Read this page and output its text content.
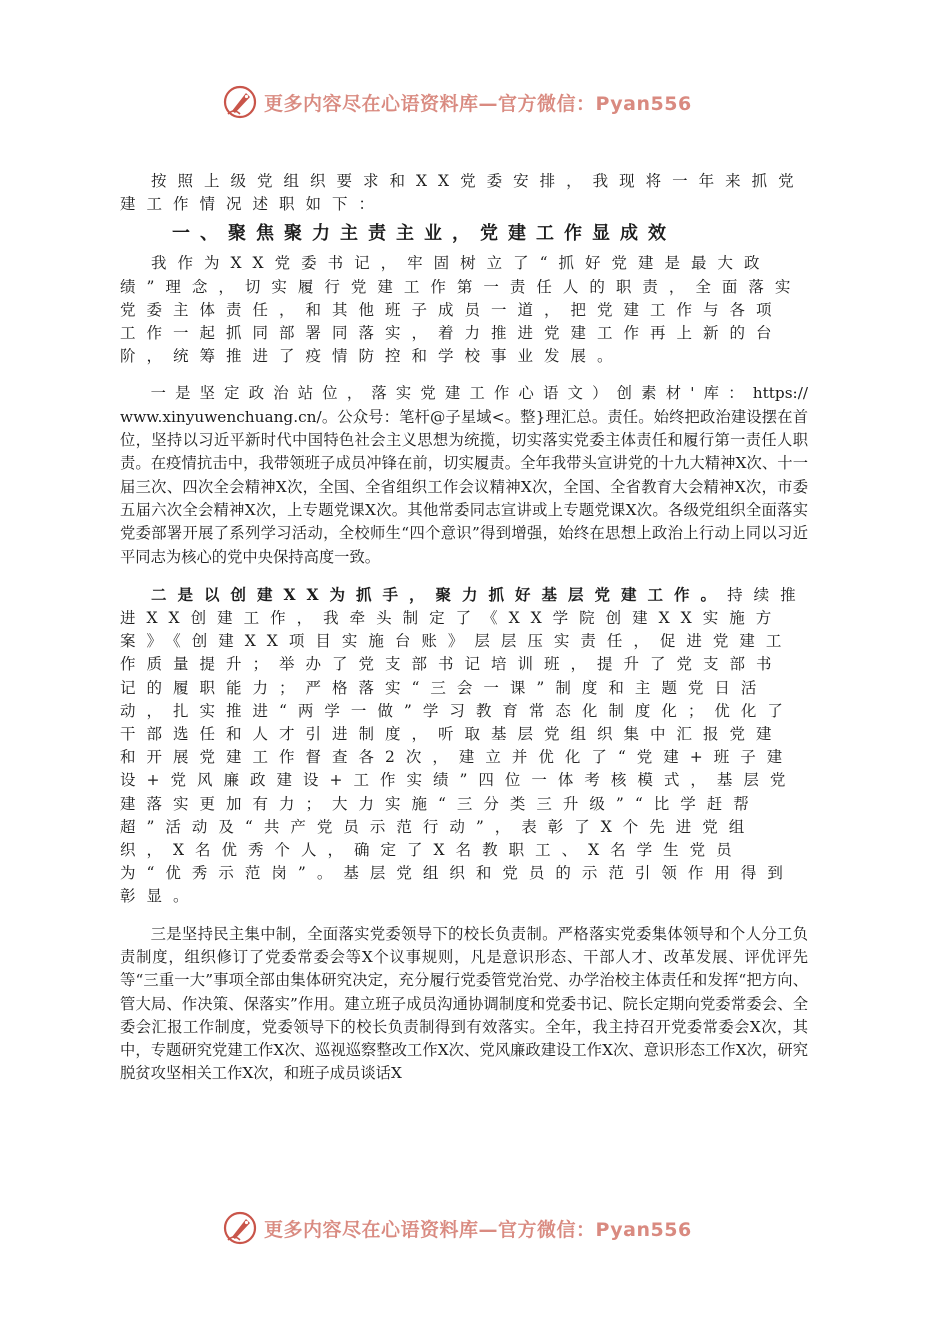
更多内容尽在心语资料库—官方微信：Pyan556

按照上级党组织要求和XX党委安排，我现将一年来抓党建工作情况述职如下：

一、聚焦聚力主责主业，党建工作显成效

我作为XX党委书记，牢固树立了“抓好党建是最大政绩”理念，切实履行党建工作第一责任人的职责，全面落实党委主体责任，和其他班子成员一道，把党建工作与各项工作一起抓同部署同落实，着力推进党建工作再上新的台阶，统筹推进了疫情防控和学校事业发展。

一是坚定政治站位，落实党建工作心语文）创素材'库：https://www.xinyuwenchuang.cn/。公众号：笔杆@子星域<。整}理汇总。责任。始终把政治建设摆在首位，坚持以习近平新时代中国特色社会主义思想为统揽，切实落实党委主体责任和履行第一责任人职责。在疫情抗击中，我带领班子成员冲锋在前，切实履责。全年我带头宣讲党的十九大精神X次、十一届三次、四次全会精神X次，全国、全省组织工作会议精神X次，全国、全省教育大会精神X次，市委五届六次全会精神X次，上专题党课X次。其他常委同志宣讲或上专题党课X次。各级党组织全面落实党委部署开展了系列学习活动，全校师生“四个意识”得到增强，始终在思想上政治上行动上同以习近平同志为核心的党中央保持高度一致。

二是以创建XX为抓手，聚力抓好基层党建工作。持续推进XX创建工作，我牵头制定了《XX学院创建XX实施方案》《创建XX项目实施台账》层层压实责任，促进党建工作质量提升；举办了党支部书记培训班，提升了党支部书记的履职能力；严格落实“三会一课”制度和主题党日活动，扎实推进“两学一做”学习教育常态化制度化；优化了干部选任和人才引进制度，听取基层党组织集中汇报党建和开展党建工作督查各2次，建立并优化了“党建+班子建设+党风廉政建设+工作实绩”四位一体考核模式，基层党建落实更加有力；大力实施“三分类三升级”“比学赶帮超”活动及“共产党员示范行动”，表彰了X个先进党组织，X名优秀个人，确定了X名教职工、X名学生党员为“优秀示范岗”。基层党组织和党员的示范引领作用得到彰显。

三是坚持民主集中制，全面落实党委领导下的校长负责制。严格落实党委集体领导和个人分工负责制度，组织修订了党委常委会等X个议事规则，凡是意识形态、干部人才、改革发展、评优评先等“三重一大”事项全部由集体研究决定，充分履行党委管党治党、办学治校主体责任和发挥“把方向、管大局、作决策、保落实”作用。建立班子成员沟通协调制度和党委书记、院长定期向党委常委会、全委会汇报工作制度，党委领导下的校长负责制得到有效落实。全年，我主持召开党委常委会X次，其中，专题研究党建工作X次、巡视巡察整改工作X次、党风廉政建设工作X次、意识形态工作X次，研究脱贫攻坚相关工作X次，和班子成员谈话X

更多内容尽在心语资料库—官方微信：Pyan556
